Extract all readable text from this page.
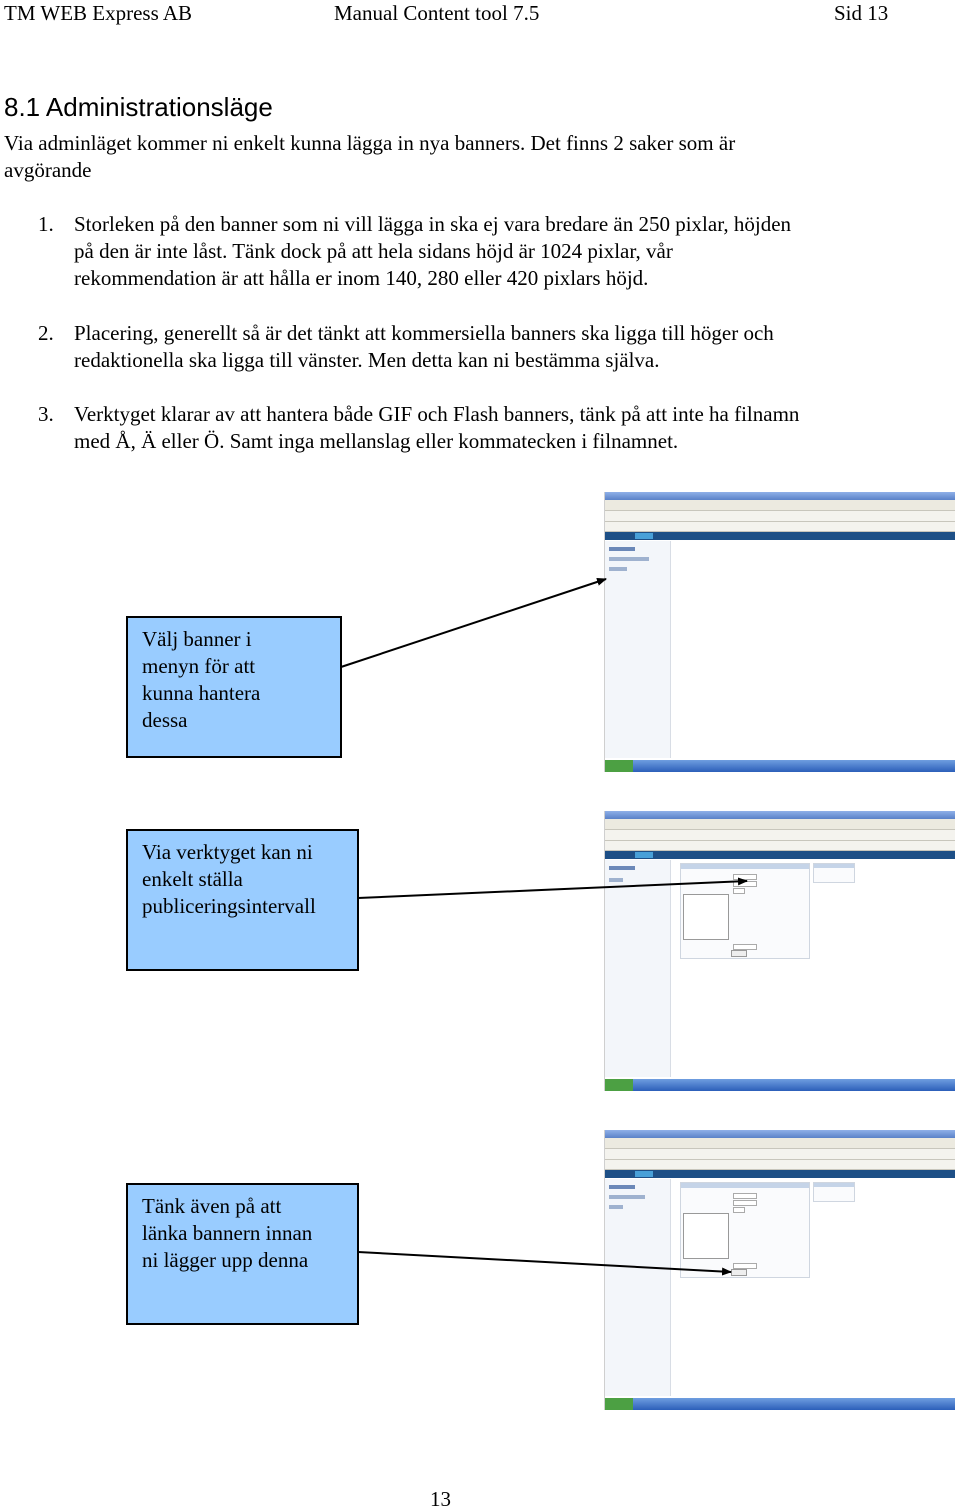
TM WEB Express AB	Manual Content tool 7.5	Sid 13
8.1 Administrationsläge
Via adminläget kommer ni enkelt kunna lägga in nya banners. Det finns 2 saker som är
avgörande
1. Storleken på den banner som ni vill lägga in ska ej vara bredare än 250 pixlar, höjden
på den är inte låst. Tänk dock på att hela sidans höjd är 1024 pixlar, vår
rekommendation är att hålla er inom 140, 280 eller 420 pixlars höjd.
2. Placering, generellt så är det tänkt att kommersiella banners ska ligga till höger och
redaktionella ska ligga till vänster. Men detta kan ni bestämma själva.
3. Verktyget klarar av att hantera både GIF och Flash banners, tänk på att inte ha filnamn
med Å, Ä eller Ö. Samt inga mellanslag eller kommatecken i filnamnet.
Välj banner i
menyn för att
kunna hantera
dessa
Via verktyget kan ni
enkelt ställa
publiceringsintervall
Tänk även på att
länka bannern innan
ni lägger upp denna
13
